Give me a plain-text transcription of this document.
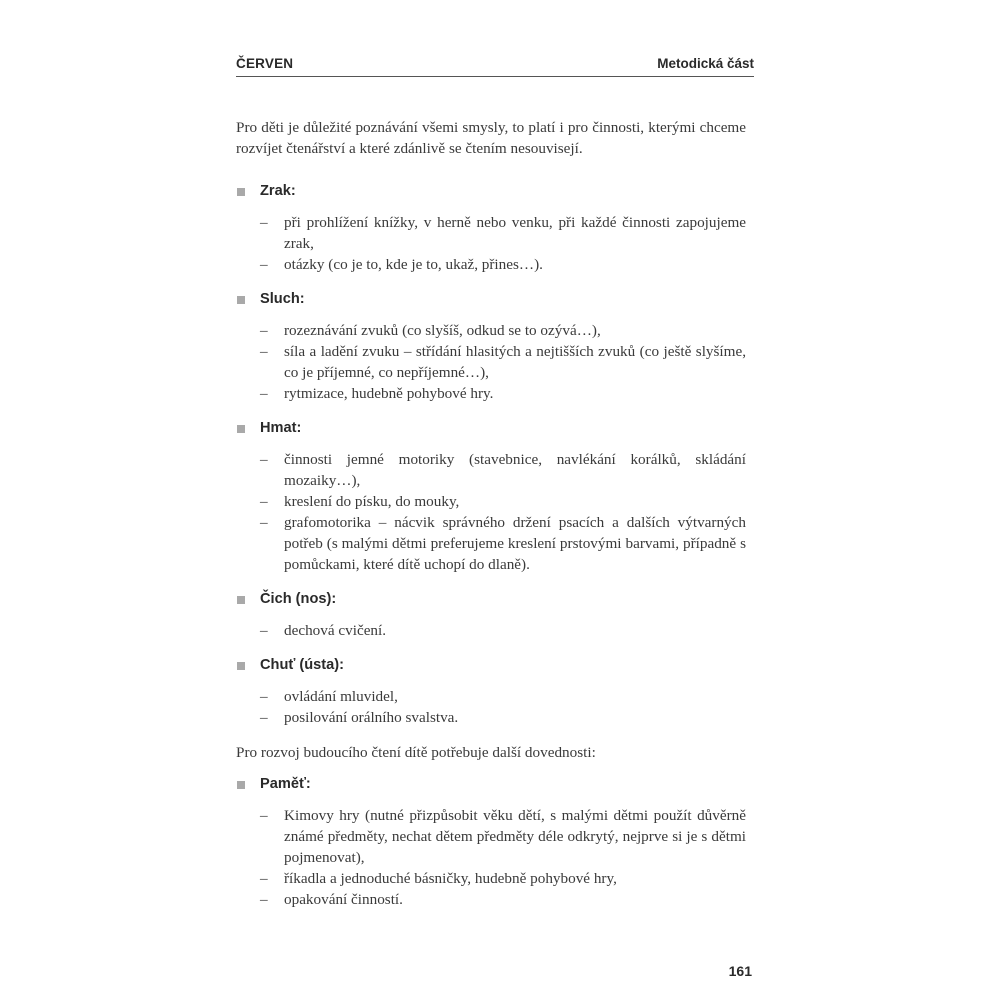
ČERVEN	Metodická část

Pro děti je důležité poznávání všemi smysly, to platí i pro činnosti, kterými chceme rozvíjet čtenářství a které zdánlivě se čtením nesouvisejí.

Zrak:
– při prohlížení knížky, v herně nebo venku, při každé činnosti zapojujeme zrak,
– otázky (co je to, kde je to, ukaž, přines…).
Sluch:
– rozeznávání zvuků (co slyšíš, odkud se to ozývá…),
– síla a ladění zvuku – střídání hlasitých a nejtišších zvuků (co ještě slyšíme, co je příjemné, co nepříjemné…),
– rytmizace, hudebně pohybové hry.
Hmat:
– činnosti jemné motoriky (stavebnice, navlékání korálků, skládání mozaiky…),
– kreslení do písku, do mouky,
– grafomotorika – nácvik správného držení psacích a dalších výtvarných potřeb (s malými dětmi preferujeme kreslení prstovými barvami, případně s pomůckami, které dítě uchopí do dlaně).
Čich (nos):
– dechová cvičení.
Chuť (ústa):
– ovládání mluvidel,
– posilování orálního svalstva.

Pro rozvoj budoucího čtení dítě potřebuje další dovednosti:

Paměť:
– Kimovy hry (nutné přizpůsobit věku dětí, s malými dětmi použít důvěrně známé předměty, nechat dětem předměty déle odkrytý, nejprve si je s dětmi pojmenovat),
– říkadla a jednoduché básničky, hudebně pohybové hry,
– opakování činností.
161
